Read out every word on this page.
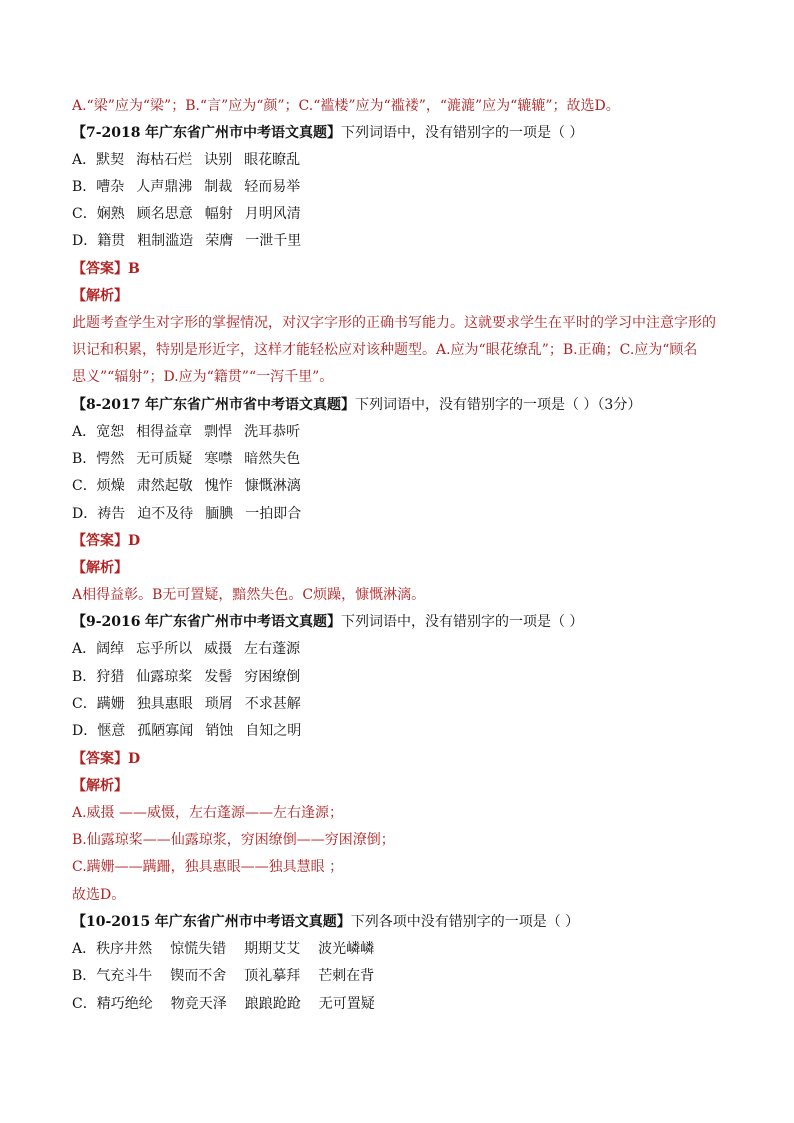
A.“梁”应为“梁”；B.“言”应为“颜”；C.“褴楼”应为“褴褛”，“漉漉”应为“辘辘”；故选D。
【7-2018 年广东省广州市中考语文真题】下列词语中，没有错别字的一项是（ ）
A．默契 海枯石烂 诀别 眼花瞭乱
B．嘈杂 人声鼎沸 制裁 轻而易举
C．娴熟 顾名思意 幅射 月明风清
D．籍贯 粗制滥造 荣膺 一泄千里
【答案】B
【解析】
此题考查学生对字形的掌握情况，对汉字字形的正确书写能力。这就要求学生在平时的学习中注意字形的
识记和积累，特别是形近字，这样才能轻松应对该种题型。A.应为“眼花缭乱”；B.正确；C.应为“顾名
思义”“辐射”；D.应为“籍贯”“一泻千里”。
【8-2017 年广东省广州市省中考语文真题】下列词语中，没有错别字的一项是（ ）（3分）
A．宽恕 相得益章 剽悍 洗耳恭听
B．愕然 无可质疑 寒噤 暗然失色
C．烦燥 肃然起敬 愧怍 慷慨淋漓
D．祷告 迫不及待 腼腆 一拍即合
【答案】D
【解析】
A相得益彰。B无可置疑，黯然失色。C烦躁，慷慨淋漓。
【9-2016 年广东省广州市中考语文真题】下列词语中，没有错别字的一项是（ ）
A．阔绰 忘乎所以 威摄 左右蓬源
B．狩猎 仙露琼桨 发髻 穷困缭倒
C．蹒姗 独具惠眼 琐屑 不求甚解
D．惬意 孤陋寡闻 销蚀 自知之明
【答案】D
【解析】
A.威摄 ——威慑，左右蓬源——左右逢源；
B.仙露琼桨——仙露琼浆，穷困缭倒——穷困潦倒；
C.蹒姗——蹒跚，独具惠眼——独具慧眼 ；
故选D。
【10-2015 年广东省广州市中考语文真题】下列各项中没有错别字的一项是（ ）
A．秩序井然 惊慌失错 期期艾艾 波光嶙嶙
B．气充斗牛 锲而不舍 顶礼摹拜 芒刺在背
C．精巧绝纶 物竞天泽 踉踉跄跄 无可置疑
